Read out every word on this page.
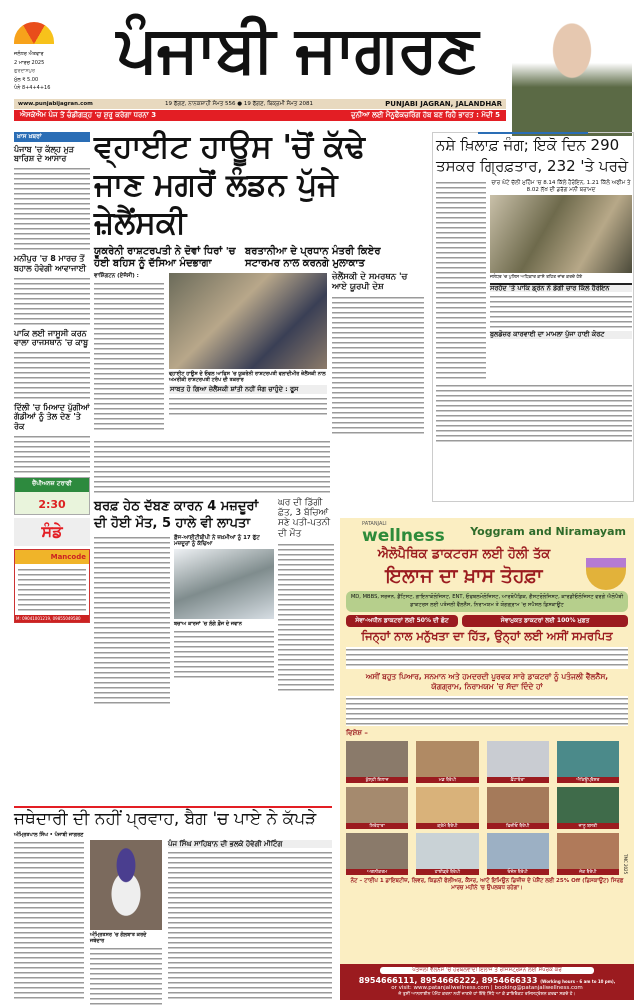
ਜਲੰਧਰ ਐਤਵਾਰ
2 ਮਾਰਚ 2025
ਗੁਰਦਾਸਪੁਰ
ਮੁੱਲ ₹ 5.00
ਪੰਨੇ 8+4+4+16
ਪੰਜਾਬੀ ਜਾਗਰਣ
www.punjabijagran.com	19 ਫੱਗਣ, ਨਾਨਕਸ਼ਾਹੀ ਸੰਮਤ 556 ● 19 ਫੱਗਣ, ਬਿਕ੍ਰਮੀ ਸੰਮਤ 2081	PUNJABI JAGRAN, JALANDHAR
ਐਸਕੇਐਮ ਪੰਜ ਤੋਂ ਚੰਡੀਗੜ੍ਹ 'ਚ ਸ਼ੁਰੂ ਕਰੇਗਾ ਧਰਨਾ 3	ਦੁਨੀਆ ਲਈ ਮੈਨੂਫੈਕਚਰਿੰਗ ਹੱਬ ਬਣ ਰਿਹੈ ਭਾਰਤ : ਮੋਦੀ 5
ਖ਼ਾਸ ਖ਼ਬਰਾਂ
ਪੰਜਾਬ 'ਚ ਕੱਲ੍ਹ ਮੁੜ ਬਾਰਿਸ਼ ਦੇ ਆਸਾਰ
ਮਨੀਪੁਰ 'ਚ 8 ਮਾਰਚ ਤੋਂ ਬਹਾਲ ਹੋਵੇਗੀ ਆਵਾਜਾਈ
ਪਾਕਿ ਲਈ ਜਾਸੂਸੀ ਕਰਨ ਵਾਲਾ ਰਾਜਸਥਾਨ 'ਚ ਕਾਬੂ
ਦਿੱਲੀ 'ਚ ਮਿਆਦ ਪੁੱਗੀਆਂ ਗੱਡੀਆਂ ਨੂੰ ਤੇਲ ਦੇਣ 'ਤੇ ਰੋਕ
ਚੈਂਪੀਅਨਜ਼ ਟਰਾਫੀ
2:30
ਸੰਡੇ
Mancode
M: 09041001219, 09855049580
ਵ੍ਹਾਈਟ ਹਾਊਸ 'ਚੋਂ ਕੱਢੇ ਜਾਣ ਮਗਰੋਂ ਲੰਡਨ ਪੁੱਜੇ ਜ਼ੇਲੈਂਸਕੀ
ਯੂਕਰੇਨੀ ਰਾਸ਼ਟਰਪਤੀ ਨੇ ਦੋਵਾਂ ਧਿਰਾਂ 'ਚ ਹੋਈ ਬਹਿਸ ਨੂੰ ਦੱਸਿਆ ਮੰਦਭਾਗਾ
ਬਰਤਾਨੀਆ ਦੇ ਪ੍ਰਧਾਨ ਮੰਤਰੀ ਕਿਏਰ ਸਟਾਰਮਰ ਨਾਲ ਕਰਨਗੇ ਮੁਲਾਕਾਤ
ਵਾਸ਼ਿੰਗਟਨ (ਏਜੰਸੀ) :
ਵ੍ਹਾਈਟ ਹਾਊਸ ਦੇ ਓਵਲ ਆਫਿਸ 'ਚ ਯੂਕਰੇਨੀ ਰਾਸ਼ਟਰਪਤੀ ਵਲਾਦੀਮੀਰ ਜ਼ੇਲੈਂਸਕੀ ਨਾਲ ਅਮਰੀਕੀ ਰਾਸ਼ਟਰਪਤੀ ਟਰੰਪ ਦੀ ਤਕਰਾਰ
ਸਾਬਤ ਹੋ ਗਿਆ ਜ਼ੇਲੈਂਸਕੀ ਸ਼ਾਂਤੀ ਨਹੀਂ ਜੰਗ ਚਾਹੁੰਦੇ : ਰੂਸ
ਜ਼ੇਲੈਂਸਕੀ ਦੇ ਸਮਰਥਨ 'ਚ ਆਏ ਯੂਰਪੀ ਦੇਸ਼
ਬਰਫ਼ ਹੇਠ ਦੱਬਣ ਕਾਰਨ 4 ਮਜ਼ਦੂਰਾਂ ਦੀ ਹੋਈ ਮੌਤ, 5 ਹਾਲੇ ਵੀ ਲਾਪਤਾ
ਫ਼ੌਜ-ਆਈਟੀਬੀਪੀ ਨੇ ਜ਼ਖ਼ਮੀਆਂ ਨੂੰ 17 ਫੁੱਟ ਮਜ਼ਦੂਰਾਂ ਨੂੰ ਕੱਢਿਆ
ਬਚਾਅ ਕਾਰਜਾਂ 'ਚ ਲੱਗੇ ਫ਼ੌਜ ਦੇ ਜਵਾਨ
ਘਰ ਦੀ ਡਿੱਗੀ ਛੱਤ, 3 ਬੱਚਿਆਂ ਸਣੇ ਪਤੀ-ਪਤਨੀ ਦੀ ਮੌਤ
ਨਸ਼ੇ ਖ਼ਿਲਾਫ਼ ਜੰਗ; ਇਕੋ ਦਿਨ 290 ਤਸਕਰ ਗ੍ਰਿਫ਼ਤਾਰ, 232 'ਤੇ ਪਰਚੇ
ਚਾਰ ਘੰਟੇ ਚੱਲੀ ਮੁਹਿੰਮ 'ਚ 8.14 ਕਿੱਲੋ ਹੈਰੋਇਨ, 1.21 ਕਿੱਲੋ ਅਫੀਮ ਤੇ 8.02 ਲੱਖ ਦੀ ਡਰੱਗ ਮਨੀ ਬਰਾਮਦ
ਜਲੰਧਰ 'ਚ ਪੁਲਿਸ ਅਧਿਕਾਰ ਕਾਸੋ ਤਹਿਤ ਜਾਂਚ ਕਰਦੇ ਹੋਏ
ਸਰਹੱਦ 'ਤੇ ਪਾਕਿ ਡ੍ਰੋਨ ਨੇ ਡੇਗੀ ਚਾਰ ਕਿੱਲੋ ਹੈਰੋਇਨ
ਬੁਲਡੋਜ਼ਰ ਕਾਰਵਾਈ ਦਾ ਮਾਮਲਾ ਪੁੱਜਾ ਹਾਈ ਕੋਰਟ
ਜਥੇਦਾਰੀ ਦੀ ਨਹੀਂ ਪ੍ਰਵਾਹ, ਬੈਗ 'ਚ ਪਾਏ ਨੇ ਕੱਪੜੇ
ਅੰਮ੍ਰਿਤਪਾਲ ਸਿੰਘ • ਪੰਜਾਬੀ ਜਾਗਰਣ
ਅੰਮ੍ਰਿਤਸਰ 'ਚ ਗੱਲਬਾਤ ਕਰਦੇ ਜਥੇਦਾਰ
ਪੰਜ ਸਿੰਘ ਸਾਹਿਬਾਨ ਦੀ ਭਲਕੇ ਹੋਵੇਗੀ ਮੀਟਿੰਗ
PATANJALI
wellness Yoggram and Niramayam
ਐਲੋਪੈਥਿਕ ਡਾਕਟਰਸ ਲਈ ਹੋਲੀ ਤੱਕ
ਇਲਾਜ ਦਾ ਖ਼ਾਸ ਤੋਹਫ਼ਾ
MD, MBBS, ਸਰਜਨ, ਡੈਂਟਿਸਟ, ਗਾਇਨਾਕੋਲੋਜਿਸਟ, ENT, ਓਫਥਲਮੋਲੋਜਿਸਟ, ਆਰਥੋਪੈਡਿਕ, ਗੈਸਟਰੋਲੋਜਿਸਟ, ਕਾਰਡੀਓਲੋਜਿਸਟ ਵਰਗੇ ਐਲੋਪੈਥੀ ਡਾਕਟਰਸ ਲਈ ਪਤੰਜਲੀ ਵੈੱਲਨੈੱਸ, ਨਿਰਾਮਯਮ ਤੇ ਯੋਗਗ੍ਰਾਮ 'ਚ ਸਪੈਸ਼ਲ ਡਿਸਕਾਊਂਟ
ਸੇਵਾ-ਅਧੀਨ ਡਾਕਟਰਾਂ ਲਈ 50% ਦੀ ਛੋਟ	ਸੇਵਾਮੁਕਤ ਡਾਕਟਰਾਂ ਲਈ 100% ਮੁਫ਼ਤ
ਜਿਨ੍ਹਾਂ ਨਾਲ ਮਨੁੱਖਤਾ ਦਾ ਹਿੱਤ, ਉਨ੍ਹਾਂ ਲਈ ਅਸੀਂ ਸਮਰਪਿਤ
ਅਸੀਂ ਬਹੁਤ ਪਿਆਰ, ਸਨਮਾਨ ਅਤੇ ਹਮਦਰਦੀ ਪੂਰਵਕ ਸਾਰੇ ਡਾਕਟਰਾਂ ਨੂੰ ਪਤੰਜਲੀ ਵੈੱਲਨੈੱਸ, ਯੋਗਗ੍ਰਾਮ, ਨਿਰਾਮਯਮ 'ਚ ਸੱਦਾ ਦਿੰਦੇ ਹਾਂ
ਵਿਸ਼ੇਸ਼ –
ਕੁੱਲ੍ਹੀ ਇਲਾਜ	ਮਡ ਥੈਰੇਪੀ	ਫ਼ੈਂਟਾਥੇਰਾ	ਐਕਿਊਪ੍ਰੈਸ਼ਰ
ਸ਼ਿਰੋਧਾਰਾ	ਕ੍ਰੋਮੋ ਥੈਰੇਪੀ	ਫਿਜ਼ੀਓ ਥੈਰੇਪੀ	ਜਾਨੂ ਬਸਤੀ
ਅਗਨੀਕਰਮ	ਹਾਈਡ੍ਰੋ ਥੈਰੇਪੀ	ਓਜ਼ੋਨ ਥੈਰੇਪੀ	ਜੋਕ ਥੈਰੇਪੀ	TMC 2025
ਨੋਟ – ਟਾਈਪ 1 ਡਾਇਬਟੀਜ਼, ਲਿਵਰ, ਕਿਡਨੀ ਫੇਲੀਅਰ, ਕੈਂਸਰ, ਆਟੋ ਇਮਿਊਨ ਡਿਜ਼ੀਜ਼ ਦੇ ਪੇਸ਼ੈਂਟ ਲਈ 25% Off (ਡਿਸਕਾਊਂਟ) ਸਿਰਫ਼ ਮਾਰਚ ਮਹੀਨੇ 'ਚ ਉਪਲਬਧ ਰਹੇਗਾ।
ਪਤੰਜਲੀ ਵੈੱਲਨੈੱਸ 'ਚ ਹਰਬਲਵਾਦੀ ਇਲਾਜ ਤੇ ਰਜਿਸਟ੍ਰੇਸ਼ਨ ਲਈ ਸੰਪਰਕ ਕਰੋ
8954666111, 8954666222, 8954666333 (Working hours - 6 am to 10 pm),
or visit: www.patanjaliwellness.com | booking@patanjaliwellness.com
ਜੇ ਤੁਸੀਂ ਆਨਲਾਈਨ ਪੇਮੈਂਟ ਕਰਨਾ ਨਹੀਂ ਜਾਣਦੇ ਹਾਂ ਇੱਥੇ ਸਿੱਧੇ ਆ ਕੇ ਡਾਇਰੈਕਟ ਰਜਿਸਟ੍ਰੇਸ਼ਨ ਕਰਵਾ ਸਕਦੇ ਹੋ।
